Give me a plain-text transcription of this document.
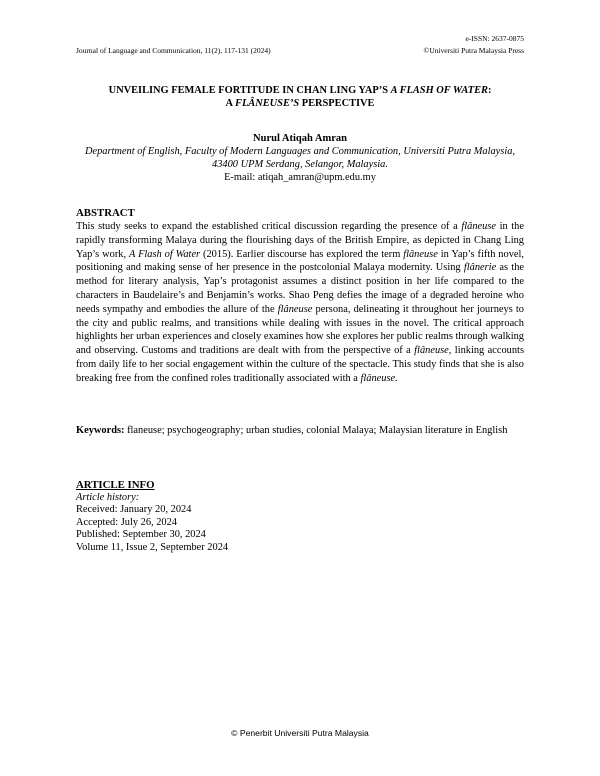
e-ISSN: 2637-0875
Journal of Language and Communication, 11(2), 117-131 (2024)	©Universiti Putra Malaysia Press
UNVEILING FEMALE FORTITUDE IN CHAN LING YAP’S A FLASH OF WATER:
A FLÂNEUSE’S PERSPECTIVE
Nurul Atiqah Amran
Department of English, Faculty of Modern Languages and Communication, Universiti Putra Malaysia, 43400 UPM Serdang, Selangor, Malaysia.
E-mail: atiqah_amran@upm.edu.my
ABSTRACT

This study seeks to expand the established critical discussion regarding the presence of a flâneuse in the rapidly transforming Malaya during the flourishing days of the British Empire, as depicted in Chang Ling Yap’s work, A Flash of Water (2015). Earlier discourse has explored the term flâneuse in Yap’s fifth novel, positioning and making sense of her presence in the postcolonial Malaya modernity. Using flânerie as the method for literary analysis, Yap’s protagonist assumes a distinct position in her life compared to the characters in Baudelaire’s and Benjamin’s works. Shao Peng defies the image of a degraded heroine who needs sympathy and embodies the allure of the flâneuse persona, delineating it throughout her journeys to the city and public realms, and transitions while dealing with issues in the novel. The critical approach highlights her urban experiences and closely examines how she explores her public realms through walking and observing. Customs and traditions are dealt with from the perspective of a flâneuse, linking accounts from daily life to her social engagement within the culture of the spectacle. This study finds that she is also breaking free from the confined roles traditionally associated with a flâneuse.

Keywords: flaneuse; psychogeography; urban studies, colonial Malaya; Malaysian literature in English

ARTICLE INFO
Article history:
Received: January 20, 2024
Accepted: July 26, 2024
Published: September 30, 2024
Volume 11, Issue 2, September 2024
© Penerbit Universiti Putra Malaysia
